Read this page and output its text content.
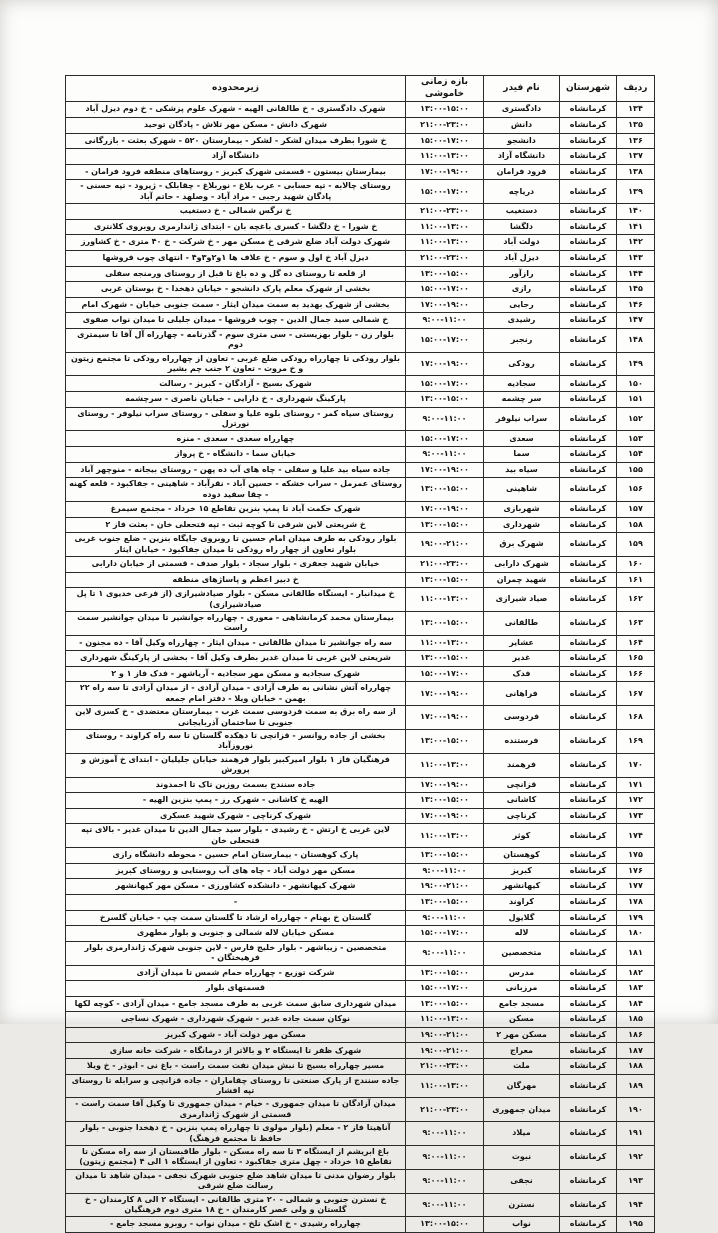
ردیف	شهرستان	نام فیدر	بازه زمانی خاموشی	زیرمحدوده
۱۳۴	کرمانشاه	دادگستری	۱۳:۰۰-۱۵:۰۰	شهرک دادگستری - خ طالقانی الهیه - شهرک علوم پزشکی - خ دوم دیزل آباد
۱۳۵	کرمانشاه	دانش	۲۱:۰۰-۲۳:۰۰	شهرک دانش - مسکن مهر تلاش - پادگان توحید
۱۳۶	کرمانشاه	دانشجو	۱۵:۰۰-۱۷:۰۰	خ شورا بطرف میدان لشکر - لشکر - بیمارستان ۵۲۰ - شهرک بعثت - بازرگانی
۱۳۷	کرمانشاه	دانشگاه آزاد	۱۱:۰۰-۱۳:۰۰	دانشگاه آزاد
۱۳۸	کرمانشاه	فرود فرامان	۱۷:۰۰-۱۹:۰۰	بیمارستان بیستون - قسمتی شهرک کبریز - روستاهای منطقه فرود فرامان -
۱۳۹	کرمانشاه	دریاچه	۱۵:۰۰-۱۷:۰۰	روستای چالابه - تپه حسابی - عرب بلاغ - نوربلاغ - چقابلک - ژیرود - تپه حسنی - پادگان شهید رجبی - مراد آباد - وصلهد - حاتم آباد
۱۴۰	کرمانشاه	دستغیب	۲۱:۰۰-۲۳:۰۰	خ نرگس شمالی - خ دستغیب
۱۴۱	کرمانشاه	دلگشا	۱۱:۰۰-۱۳:۰۰	خ شورا - خ دلگشا - کسری باغچه بان - ابتدای ژاندارمری روبروی کلانتری
۱۴۲	کرمانشاه	دولت آباد	۱۱:۰۰-۱۳:۰۰	شهرک دولت آباد ضلع شرقی خ مسکن مهر - خ شرکت - خ ۴۰ متری - خ کشاورز
۱۴۳	کرمانشاه	دیزل آباد	۲۱:۰۰-۲۳:۰۰	دیزل آباد خ اول و سوم - خ علاف ها ۱و۲و۳و۴ - انتهای چوب فروشها
۱۴۴	کرمانشاه	رازآور	۱۳:۰۰-۱۵:۰۰	از قلعه تا روستای ده گل و ده باغ تا قبل از روستای ورمنجه سفلی
۱۴۵	کرمانشاه	رازی	۱۵:۰۰-۱۷:۰۰	بخشی از شهرک معلم پارک دانشجو - خیابان دهخدا - خ بوستان غربی
۱۴۶	کرمانشاه	رجایی	۱۷:۰۰-۱۹:۰۰	بخشی از شهرک بهدید به سمت میدان ایثار - سمت جنوبی خیابان - شهرک امام
۱۴۷	کرمانشاه	رشیدی	۹:۰۰-۱۱:۰۰	خ شمالی سید جمال الدین - چوب فروشها - میدان جلیلی تا میدان نواب صفوی
۱۴۸	کرمانشاه	رنجبر	۱۵:۰۰-۱۷:۰۰	بلوار زن - بلوار بهزیستی - سی متری سوم - گذرنامه - چهارراه آل آقا تا سیمتری دوم
۱۴۹	کرمانشاه	رودکی	۱۷:۰۰-۱۹:۰۰	بلوار رودکی تا چهارراه رودکی ضلع غربی - تعاون از چهارراه رودکی تا مجتمع زیتون و خ مروت - تعاون ۲ جنب چم بشیر
۱۵۰	کرمانشاه	سجادیه	۱۵:۰۰-۱۷:۰۰	شهرک بسیج - آزادگان - کبریز - رسالت
۱۵۱	کرمانشاه	سر چشمه	۱۳:۰۰-۱۵:۰۰	پارکینگ شهرداری - خ دارایی - خیابان ناصری - سرچشمه
۱۵۲	کرمانشاه	سراب نیلوفر	۹:۰۰-۱۱:۰۰	روستای سیاه کمر - روستای بلوه علیا و سفلی - روستای سراب نیلوفر - روستای نورترل
۱۵۳	کرمانشاه	سعدی	۱۵:۰۰-۱۷:۰۰	چهارراه سعدی - سعدی - منزه
۱۵۴	کرمانشاه	سما	۹:۰۰-۱۱:۰۰	خیابان سما - دانشگاه - خ پرواز
۱۵۵	کرمانشاه	سیاه بید	۱۷:۰۰-۱۹:۰۰	جاده سیاه بید علیا و سفلی - چاه های آب ده پهن - روستای بیجانه - منوچهر آباد
۱۵۶	کرمانشاه	شاهینی	۱۳:۰۰-۱۵:۰۰	روستای عمرمل - سراب خشکه - حسین آباد - نقرآباد - شاهینی - جفاکبود - قلعه کهنه - چقا سفید دوده
۱۵۷	کرمانشاه	شهربازی	۱۷:۰۰-۱۹:۰۰	شهرک حکمت آباد تا پمپ بنزین تقاطع ۱۵ خرداد - مجتمع سیمرغ
۱۵۸	کرمانشاه	شهرداری	۱۳:۰۰-۱۵:۰۰	خ شریعتی لاین شرقی تا کوچه ثبت - تپه فتحعلی خان - بعثت فاز ۲
۱۵۹	کرمانشاه	شهرک برق	۱۹:۰۰-۲۱:۰۰	بلوار رودکی به طرف میدان امام حسین تا روبروی جایگاه بنزین - ضلع جنوب غربی بلوار تعاون از چهار راه رودکی تا میدان جفاکبود - خیابان ایثار
۱۶۰	کرمانشاه	شهرک دارابی	۲۱:۰۰-۲۳:۰۰	خیابان شهید جعفری - بلوار سجاد - بلوار صدف - قسمتی از خیابان دارابی
۱۶۱	کرمانشاه	شهید چمران	۱۳:۰۰-۱۵:۰۰	خ دبیر اعظم و پاساژهای منطقه
۱۶۲	کرمانشاه	صیاد شیرازی	۱۱:۰۰-۱۳:۰۰	خ میدانبار - ایستگاه طالقانی مسکن - بلوار صیادشیرازی (از فرعی خدیوی ۱ تا پل صیادشیرازی)
۱۶۳	کرمانشاه	طالقانی	۱۳:۰۰-۱۵:۰۰	بیمارستان محمد کرمانشاهی - معوری - چهارراه جوانشیر تا میدان جوانشیر سمت راست
۱۶۴	کرمانشاه	عشایر	۱۱:۰۰-۱۳:۰۰	سه راه جوانشیر تا میدان طالقانی - میدان ایثار - چهارراه وکیل آقا - ده مجنون -
۱۶۵	کرمانشاه	غدیر	۱۳:۰۰-۱۵:۰۰	شریعتی لاین غربی تا میدان غدیر بطرف وکیل آقا - بخشی از پارکینگ شهرداری
۱۶۶	کرمانشاه	فدک	۱۵:۰۰-۱۷:۰۰	شهرک سجادیه و مسکن مهر سجادیه - آریاشهر - فدک فاز ۱ و ۲
۱۶۷	کرمانشاه	فراهانی	۱۷:۰۰-۱۹:۰۰	چهارراه آتش نشانی به طرف آزادی - میدان آزادی - از میدان آزادی تا سه راه ۲۲ بهمن - خیابان ویلا - دفتر امام جمعه
۱۶۸	کرمانشاه	فردوسی	۱۷:۰۰-۱۹:۰۰	از سه راه برق به سمت فردوسی سمت غرب - بیمارستان معتضدی - خ کسری لاین جنوبی تا ساختمان آذربایجانی
۱۶۹	کرمانشاه	فرستنده	۱۳:۰۰-۱۵:۰۰	بخشی از جاده روانسر - قزانچی تا دهکده گلستان تا سه راه کراوند - روستای نوروزآباد
۱۷۰	کرمانشاه	فرهمند	۱۱:۰۰-۱۳:۰۰	فرهنگیان فاز ۱ بلوار امیرکبیر بلوار فرهمند خیابان جلیلیان - ابتدای خ آموزش و پرورش
۱۷۱	کرمانشاه	قزانچی	۱۷:۰۰-۱۹:۰۰	جاده سنندج بسمت روزین تاک تا احمدوند
۱۷۲	کرمانشاه	کاشانی	۱۳:۰۰-۱۵:۰۰	الهیه خ کاشانی - شهرک رز - پمپ بنزین الهیه -
۱۷۳	کرمانشاه	کرناچی	۱۷:۰۰-۱۹:۰۰	شهرک کرناچی - شهرک شهید عسکری
۱۷۴	کرمانشاه	کوثر	۱۱:۰۰-۱۳:۰۰	لاین غربی خ ارتش - خ رشیدی - بلوار سید جمال الدین تا میدان غدیر - بالای تپه فتحعلی خان
۱۷۵	کرمانشاه	کوهستان	۱۳:۰۰-۱۵:۰۰	پارک کوهستان - بیمارستان امام حسین - محوطه دانشگاه رازی
۱۷۶	کرمانشاه	کبریز	۹:۰۰-۱۱:۰۰	مسکن مهر دولت آباد - چاه های آب روستایی و روستای کبریز
۱۷۷	کرمانشاه	کیهانشهر	۱۹:۰۰-۲۱:۰۰	شهرک کیهانشهر - دانشکده کشاورزی - مسکن مهر کیهانشهر
۱۷۸	کرمانشاه	کراوند	۱۳:۰۰-۱۵:۰۰	-
۱۷۹	کرمانشاه	گلایول	۹:۰۰-۱۱:۰۰	گلستان خ بهنام - چهارراه ارشاد تا گلستان سمت چپ - خیابان گلسرخ
۱۸۰	کرمانشاه	لاله	۱۵:۰۰-۱۷:۰۰	مسکن خیابان لاله شمالی و جنوبی و بلوار مطهری
۱۸۱	کرمانشاه	متخصصین	۹:۰۰-۱۱:۰۰	متخصصین - زیباشهر - بلوار خلیج فارس - لاین جنوبی شهرک ژاندارمری بلوار فرهیختگان -
۱۸۲	کرمانشاه	مدرس	۱۳:۰۰-۱۵:۰۰	شرکت توزیع - چهارراه حمام شمس تا میدان آزادی
۱۸۳	کرمانشاه	مرزبانی	۱۵:۰۰-۱۷:۰۰	قسمتهای بلوار
۱۸۴	کرمانشاه	مسجد جامع	۱۳:۰۰-۱۵:۰۰	میدان شهرداری سابق سمت غربی به طرف مسجد جامع - میدان آزادی - کوچه لکها
۱۸۵	کرمانشاه	مسکن	۱۱:۰۰-۱۳:۰۰	نوکان سمت جاده غدیر - شهرک شهرداری - شهرک نساجی
۱۸۶	کرمانشاه	مسکن مهر ۲	۱۹:۰۰-۲۱:۰۰	مسکن مهر دولت آباد - شهرک کبریز
۱۸۷	کرمانشاه	معراج	۱۹:۰۰-۲۱:۰۰	شهرک ظفر تا ایستگاه ۲ و بالاتر از درمانگاه - شرکت خانه سازی
۱۸۸	کرمانشاه	ملت	۲۱:۰۰-۲۳:۰۰	مسیر چهارراه بسیج تا نبش میدان نفت سمت راست - باغ نی - ابوذر - خ ویلا
۱۸۹	کرمانشاه	مهرگان	۱۱:۰۰-۱۳:۰۰	جاده سنندج از پارک صنعتی تا روستای چقاماران - جاده قزانچی و سرابله تا روستای تپه افشار
۱۹۰	کرمانشاه	میدان جمهوری	۲۱:۰۰-۲۳:۰۰	میدان آزادگان تا میدان جمهوری - خیام - میدان جمهوری تا وکیل آقا سمت راست - قسمتی از شهرک ژاندارمری
۱۹۱	کرمانشاه	میلاد	۹:۰۰-۱۱:۰۰	آناهیتا فاز ۲ - معلم (بلوار مولوی تا چهارراه پمپ بنزین - خ دهخدا جنوبی - بلوار حافظ تا مجتمع فرهنگ)
۱۹۲	کرمانشاه	نبوت	۹:۰۰-۱۱:۰۰	باغ ابریشم از ایستگاه ۳ تا سه راه مسکن - بلوار طاقبستان از سه راه مسکن تا تقاطع ۱۵ خرداد - چهل متری جفاکبود - تعاون از ایستگاه ۱ الی ۴ (مجتمع زیتون)
۱۹۳	کرمانشاه	نجفی	۹:۰۰-۱۱:۰۰	بلوار رضوان مدنی تا میدان شاهد ضلع جنوبی شهرک نجفی - میدان شاهد تا میدان رسالت ضلع شرقی
۱۹۴	کرمانشاه	نسترن	۹:۰۰-۱۱:۰۰	خ نسترن جنوبی و شمالی - ۲۰ متری طالقانی - ایستگاه ۲ الی ۸ کارمندان - خ گلستان و ولی عصر کارمندان - خ ۱۸ متری دوم فرهنگیان
۱۹۵	کرمانشاه	نواب	۱۳:۰۰-۱۵:۰۰	چهارراه رشیدی - خ اشک تلخ - میدان نواب - روبرو مسجد جامع -
